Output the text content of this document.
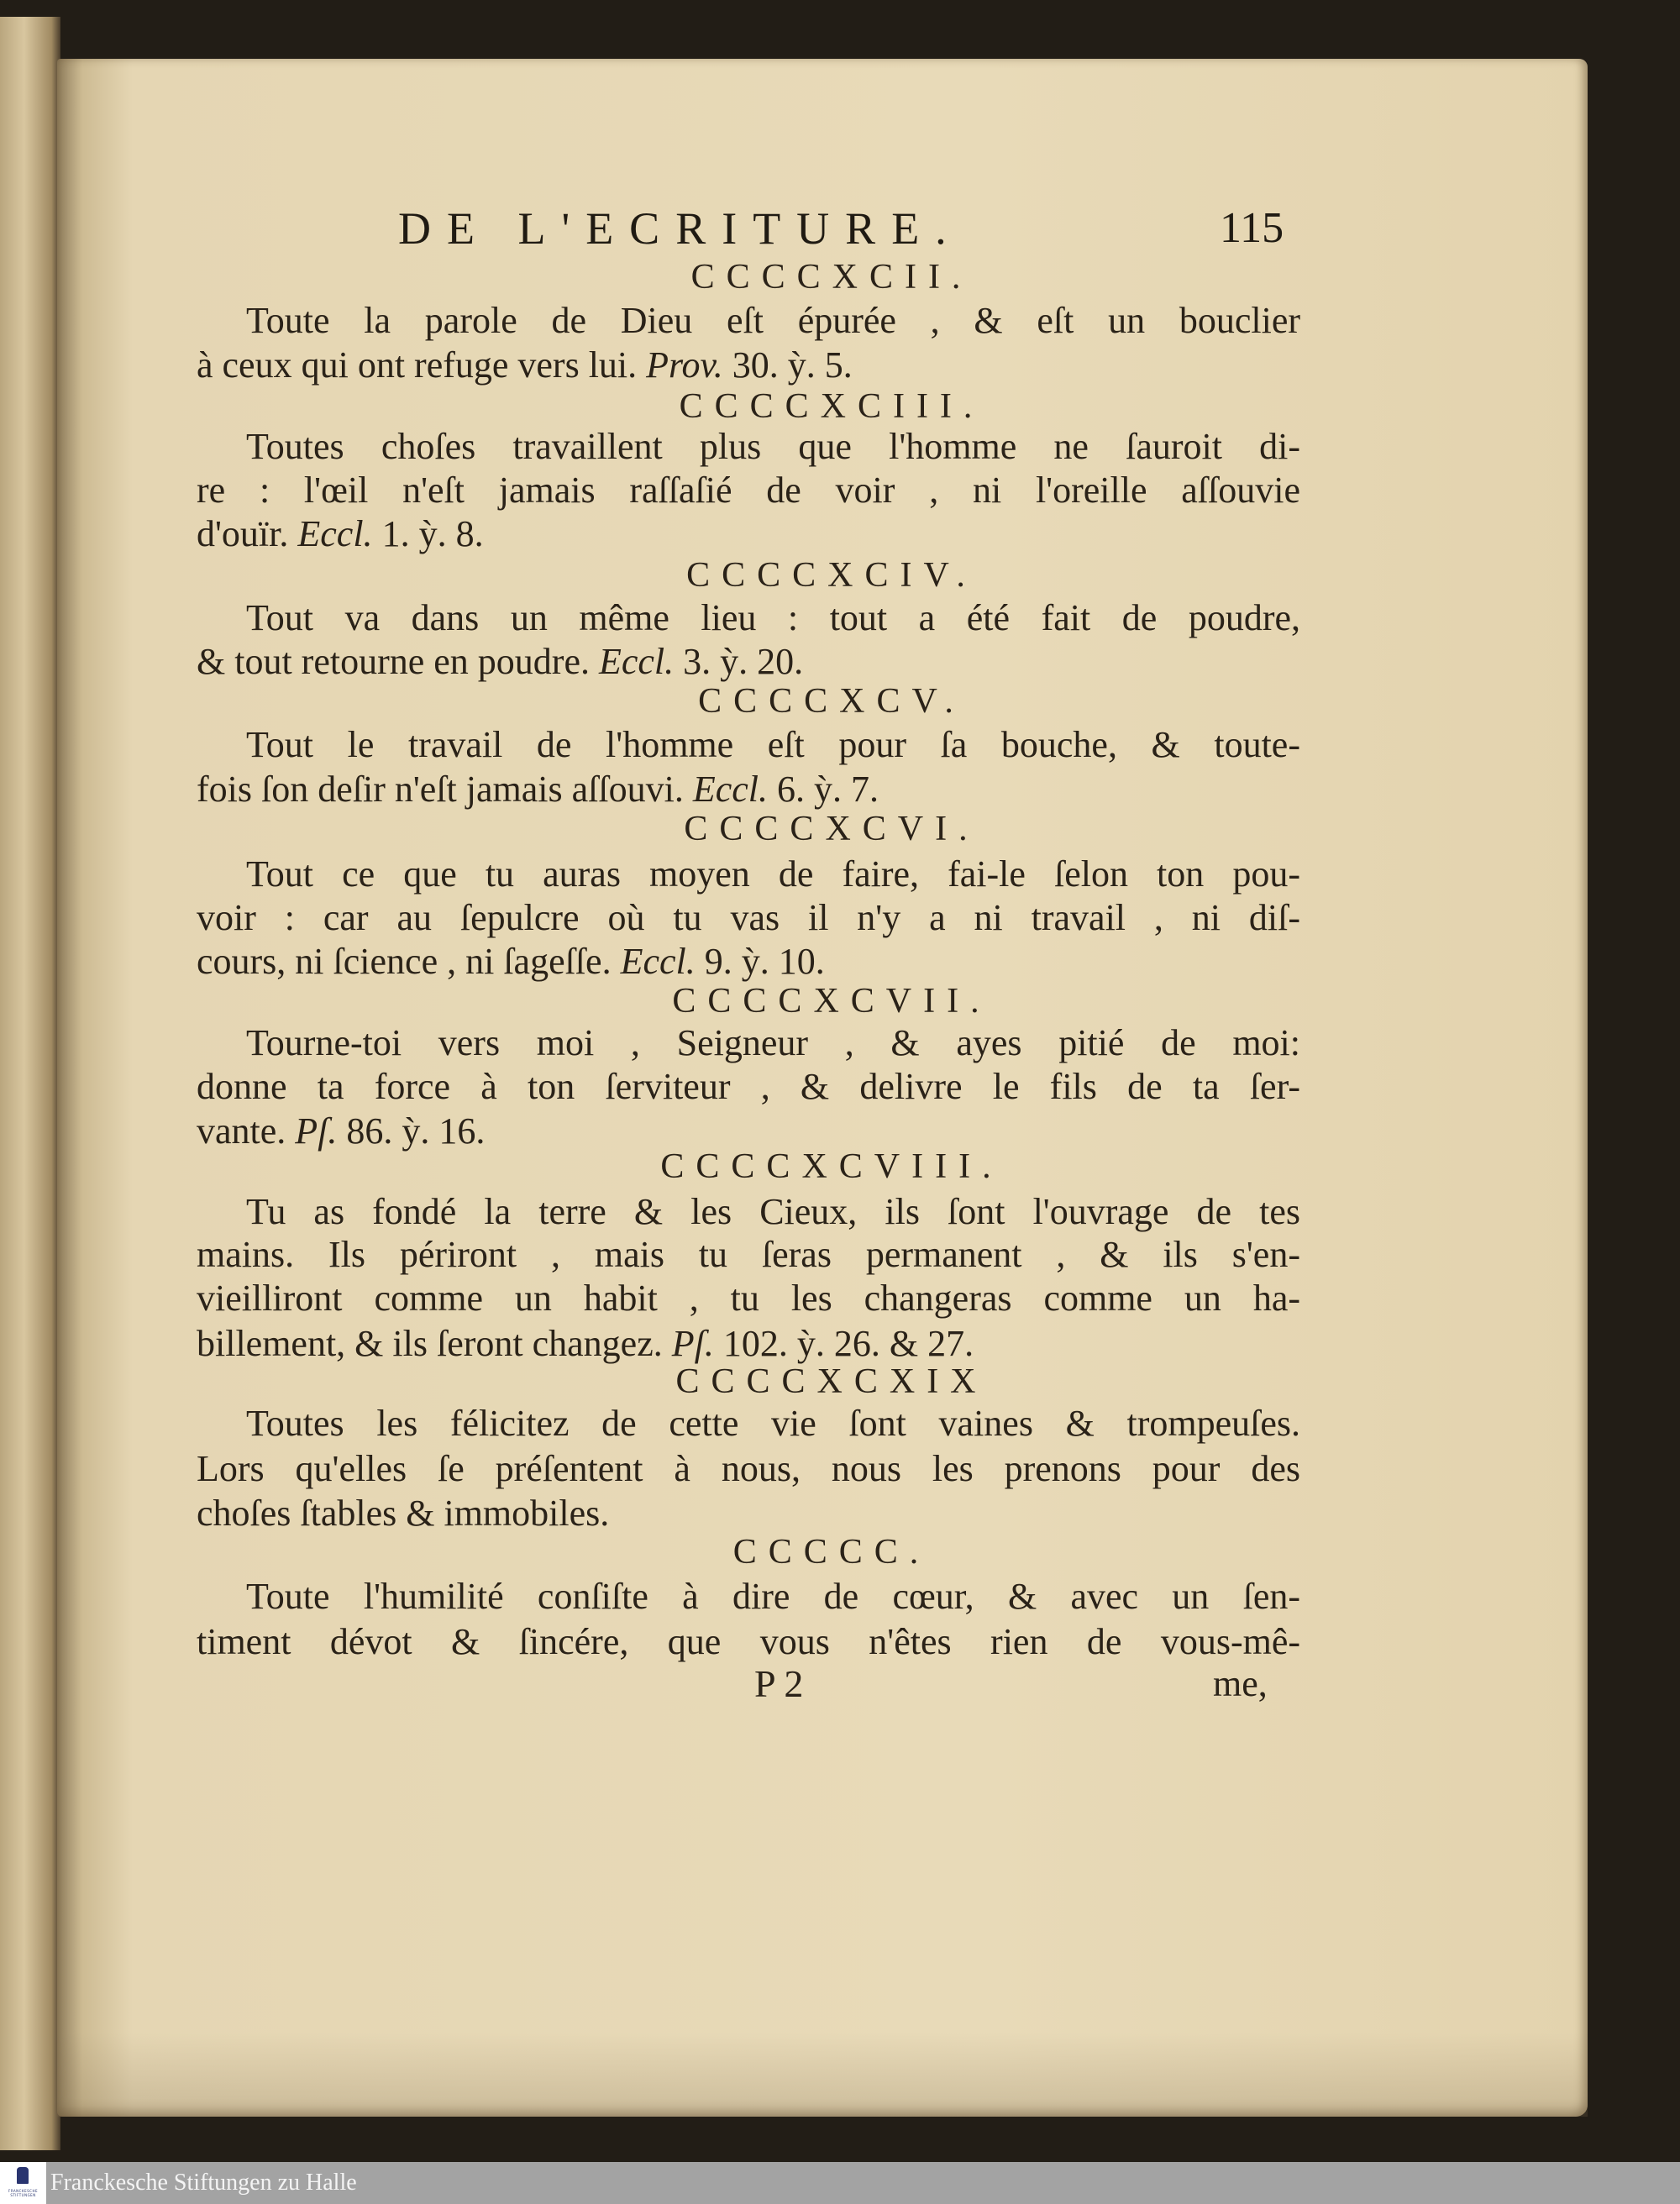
DE L'ECRITURE.	115
CCCCXCII.
Toute la parole de Dieu eſt épurée , & eſt un bouclier
à ceux qui ont refuge vers lui. Prov. 30. ỳ. 5.
CCCCXCIII.
Toutes choſes travaillent plus que l'homme ne ſauroit di-
re : l'œil n'eſt jamais raſſaſié de voir , ni l'oreille aſſouvie
d'ouïr. Eccl. 1. ỳ. 8.
CCCCXCIV.
Tout va dans un même lieu : tout a été fait de poudre,
& tout retourne en poudre. Eccl. 3. ỳ. 20.
CCCCXCV.
Tout le travail de l'homme eſt pour ſa bouche, & toute-
fois ſon deſir n'eſt jamais aſſouvi. Eccl. 6. ỳ. 7.
CCCCXCVI.
Tout ce que tu auras moyen de faire, fai-le ſelon ton pou-
voir : car au ſepulcre où tu vas il n'y a ni travail , ni diſ-
cours, ni ſcience , ni ſageſſe. Eccl. 9. ỳ. 10.
CCCCXCVII.
Tourne-toi vers moi , Seigneur , & ayes pitié de moi:
donne ta force à ton ſerviteur , & delivre le fils de ta ſer-
vante. Pſ. 86. ỳ. 16.
CCCCXCVIII.
Tu as fondé la terre & les Cieux, ils ſont l'ouvrage de tes
mains. Ils périront , mais tu ſeras permanent , & ils s'en-
vieilliront comme un habit , tu les changeras comme un ha-
billement, & ils ſeront changez. Pſ. 102. ỳ. 26. & 27.
CCCCXCXIX
Toutes les félicitez de cette vie ſont vaines & trompeuſes.
Lors qu'elles ſe préſentent à nous, nous les prenons pour des
choſes ſtables & immobiles.
CCCCC.
Toute l'humilité conſiſte à dire de cœur, & avec un ſen-
timent dévot & ſincére, que vous n'êtes rien de vous-mê-
P 2	me,
FRANCKESCHE STIFTUNGEN Franckesche Stiftungen zu Halle
